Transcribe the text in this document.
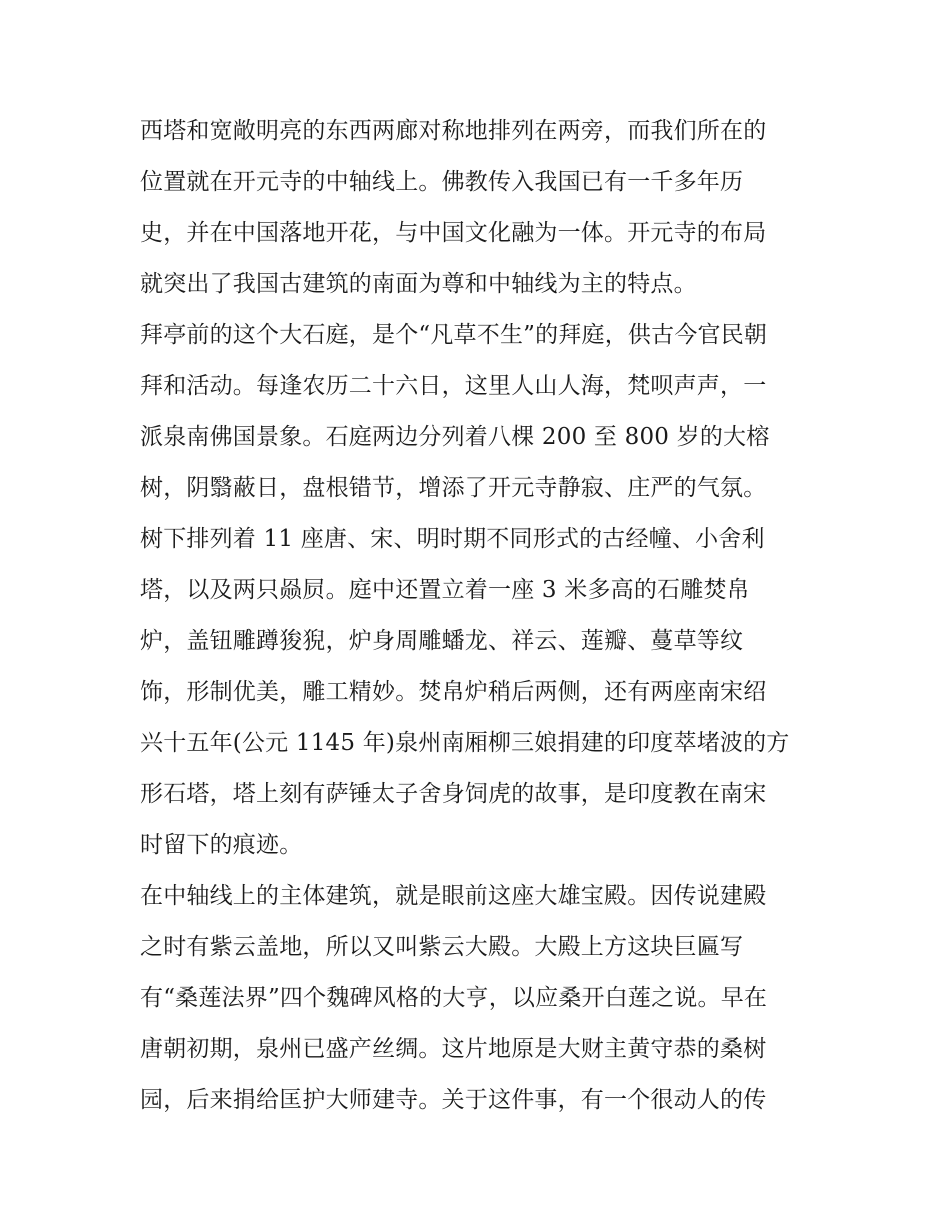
西塔和宽敞明亮的东西两廊对称地排列在两旁，而我们所在的
位置就在开元寺的中轴线上。佛教传入我国已有一千多年历
史，并在中国落地开花，与中国文化融为一体。开元寺的布局
就突出了我国古建筑的南面为尊和中轴线为主的特点。
拜亭前的这个大石庭，是个“凡草不生”的拜庭，供古今官民朝
拜和活动。每逢农历二十六日，这里人山人海，梵呗声声，一
派泉南佛国景象。石庭两边分列着八棵 200 至 800 岁的大榕
树，阴翳蔽日，盘根错节，增添了开元寺静寂、庄严的气氛。
树下排列着 11 座唐、宋、明时期不同形式的古经幢、小舍利
塔，以及两只赑屃。庭中还置立着一座 3 米多高的石雕焚帛
炉，盖钮雕蹲狻猊，炉身周雕蟠龙、祥云、莲瓣、蔓草等纹
饰，形制优美，雕工精妙。焚帛炉稍后两侧，还有两座南宋绍
兴十五年(公元 1145 年)泉州南厢柳三娘捐建的印度萃堵波的方
形石塔，塔上刻有萨锤太子舍身饲虎的故事，是印度教在南宋
时留下的痕迹。
在中轴线上的主体建筑，就是眼前这座大雄宝殿。因传说建殿
之时有紫云盖地，所以又叫紫云大殿。大殿上方这块巨匾写
有“桑莲法界”四个魏碑风格的大亨，以应桑开白莲之说。早在
唐朝初期，泉州已盛产丝绸。这片地原是大财主黄守恭的桑树
园，后来捐给匡护大师建寺。关于这件事，有一个很动人的传
